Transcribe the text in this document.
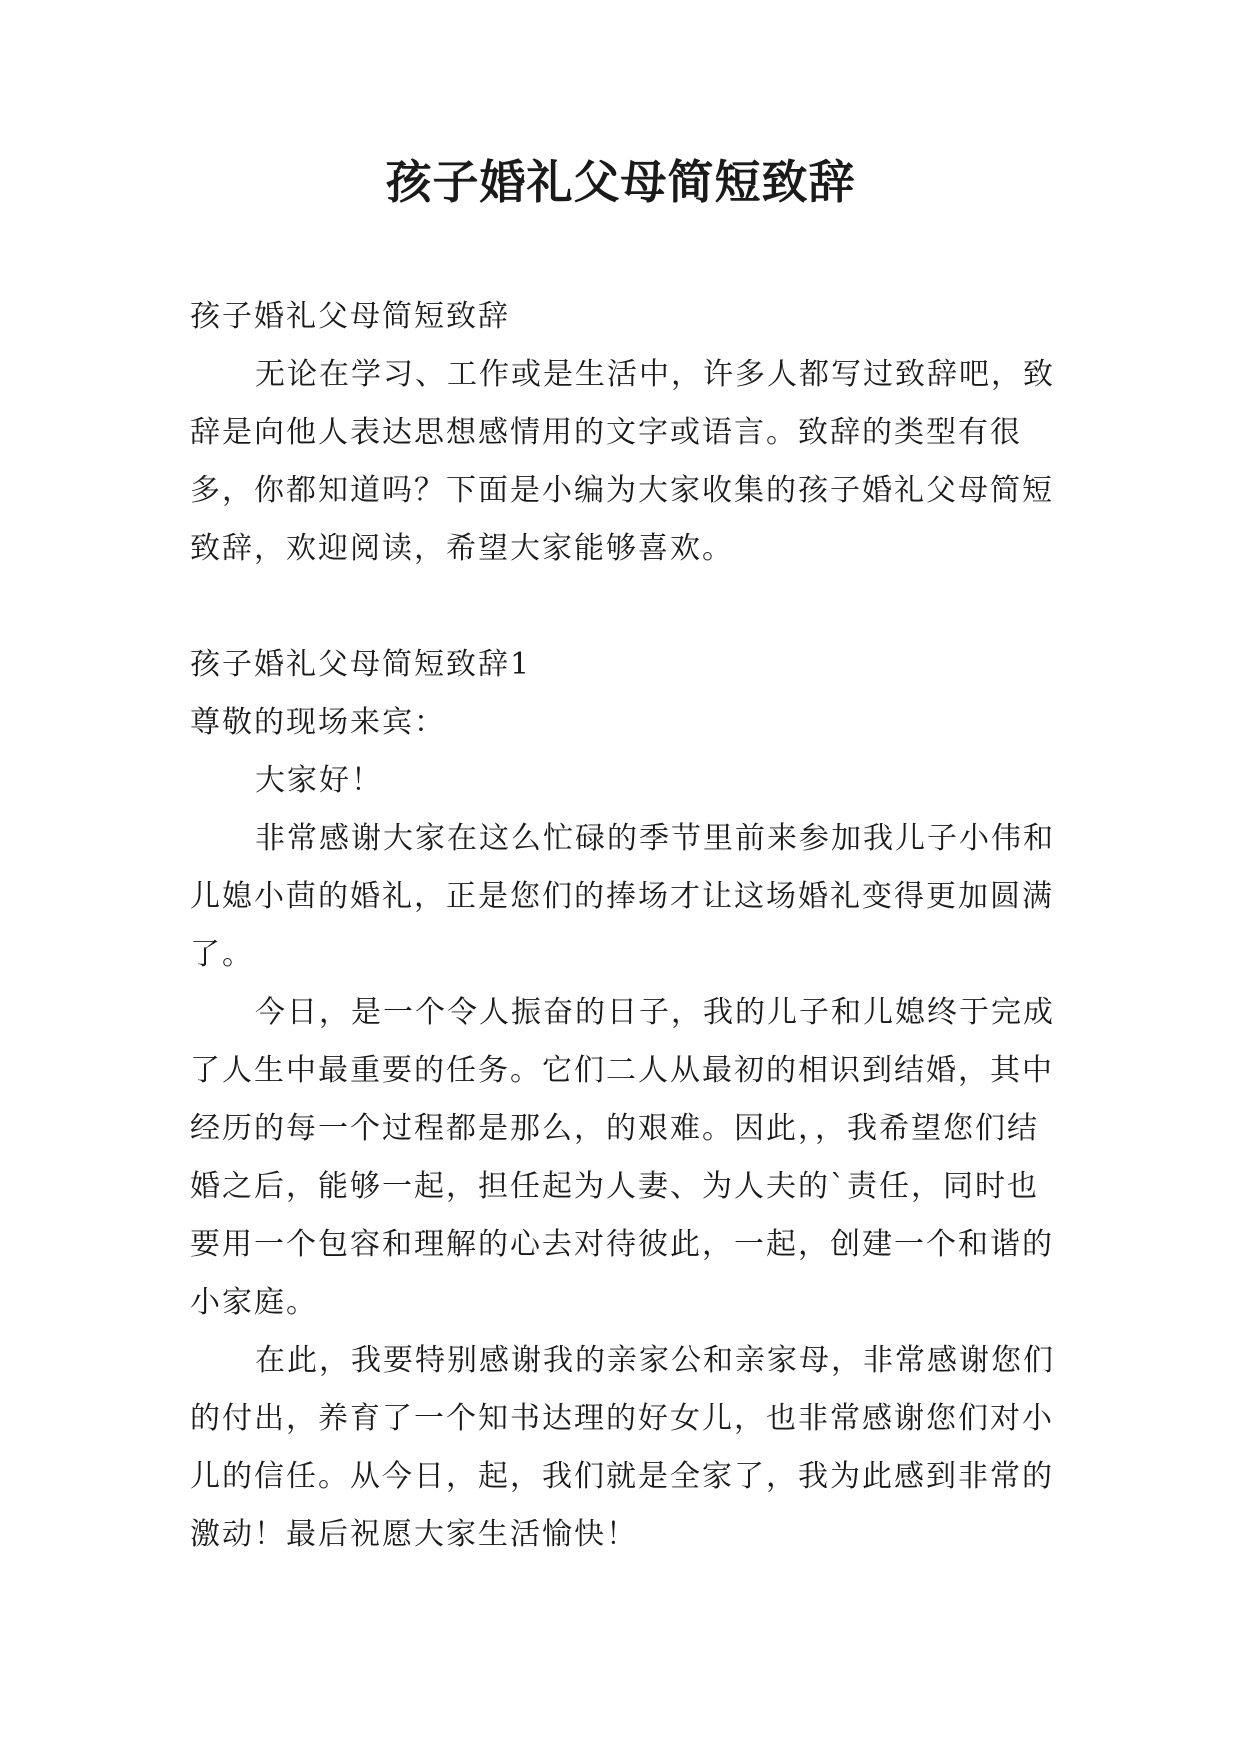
孩子婚礼父母简短致辞

孩子婚礼父母简短致辞

无论在学习、工作或是生活中，许多人都写过致辞吧，致辞是向他人表达思想感情用的文字或语言。致辞的类型有很多，你都知道吗？下面是小编为大家收集的孩子婚礼父母简短致辞，欢迎阅读，希望大家能够喜欢。

孩子婚礼父母简短致辞1

尊敬的现场来宾：

大家好！

非常感谢大家在这么忙碌的季节里前来参加我儿子小伟和儿媳小茴的婚礼，正是您们的捧场才让这场婚礼变得更加圆满了。

今日，是一个令人振奋的日子，我的儿子和儿媳终于完成了人生中最重要的任务。它们二人从最初的相识到结婚，其中经历的每一个过程都是那么，的艰难。因此，，我希望您们结婚之后，能够一起，担任起为人妻、为人夫的`责任，同时也要用一个包容和理解的心去对待彼此，一起，创建一个和谐的小家庭。

在此，我要特别感谢我的亲家公和亲家母，非常感谢您们的付出，养育了一个知书达理的好女儿，也非常感谢您们对小儿的信任。从今日，起，我们就是全家了，我为此感到非常的激动！最后祝愿大家生活愉快！
